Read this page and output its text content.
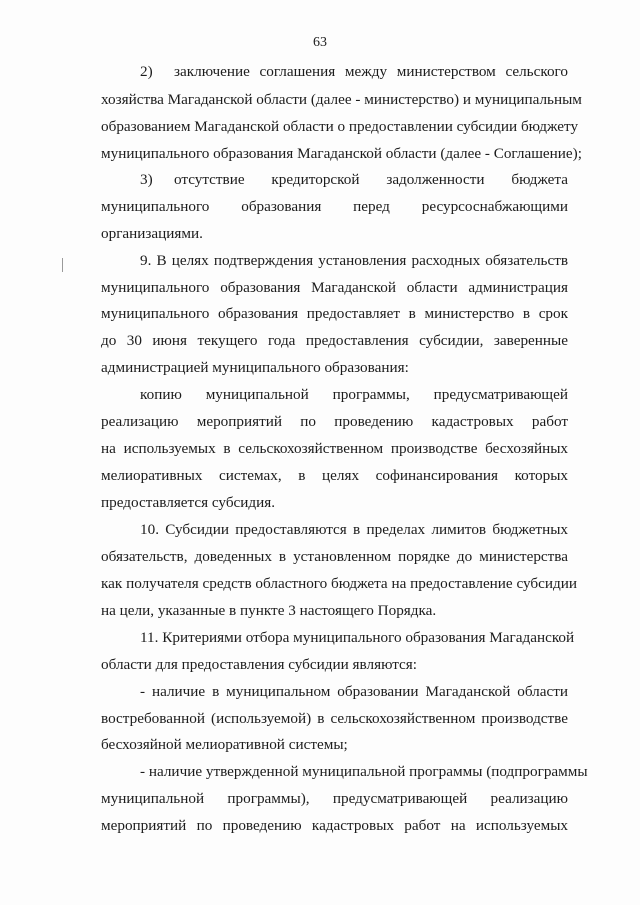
63
2) заключение соглашения между министерством сельского
хозяйства Магаданской области (далее - министерство) и муниципальным
образованием Магаданской области о предоставлении субсидии бюджету
муниципального образования Магаданской области (далее - Соглашение);
3) отсутствие кредиторской задолженности бюджета
муниципального образования перед ресурсоснабжающими
организациями.
9. В целях подтверждения установления расходных обязательств
муниципального образования Магаданской области администрация
муниципального образования предоставляет в министерство в срок
до 30 июня текущего года предоставления субсидии, заверенные
администрацией муниципального образования:
копию муниципальной программы, предусматривающей
реализацию мероприятий по проведению кадастровых работ
на используемых в сельскохозяйственном производстве бесхозяйных
мелиоративных системах, в целях софинансирования которых
предоставляется субсидия.
10. Субсидии предоставляются в пределах лимитов бюджетных
обязательств, доведенных в установленном порядке до министерства
как получателя средств областного бюджета на предоставление субсидии
на цели, указанные в пункте 3 настоящего Порядка.
11. Критериями отбора муниципального образования Магаданской
области для предоставления субсидии являются:
- наличие в муниципальном образовании Магаданской области
востребованной (используемой) в сельскохозяйственном производстве
бесхозяйной мелиоративной системы;
- наличие утвержденной муниципальной программы (подпрограммы
муниципальной программы), предусматривающей реализацию
мероприятий по проведению кадастровых работ на используемых
